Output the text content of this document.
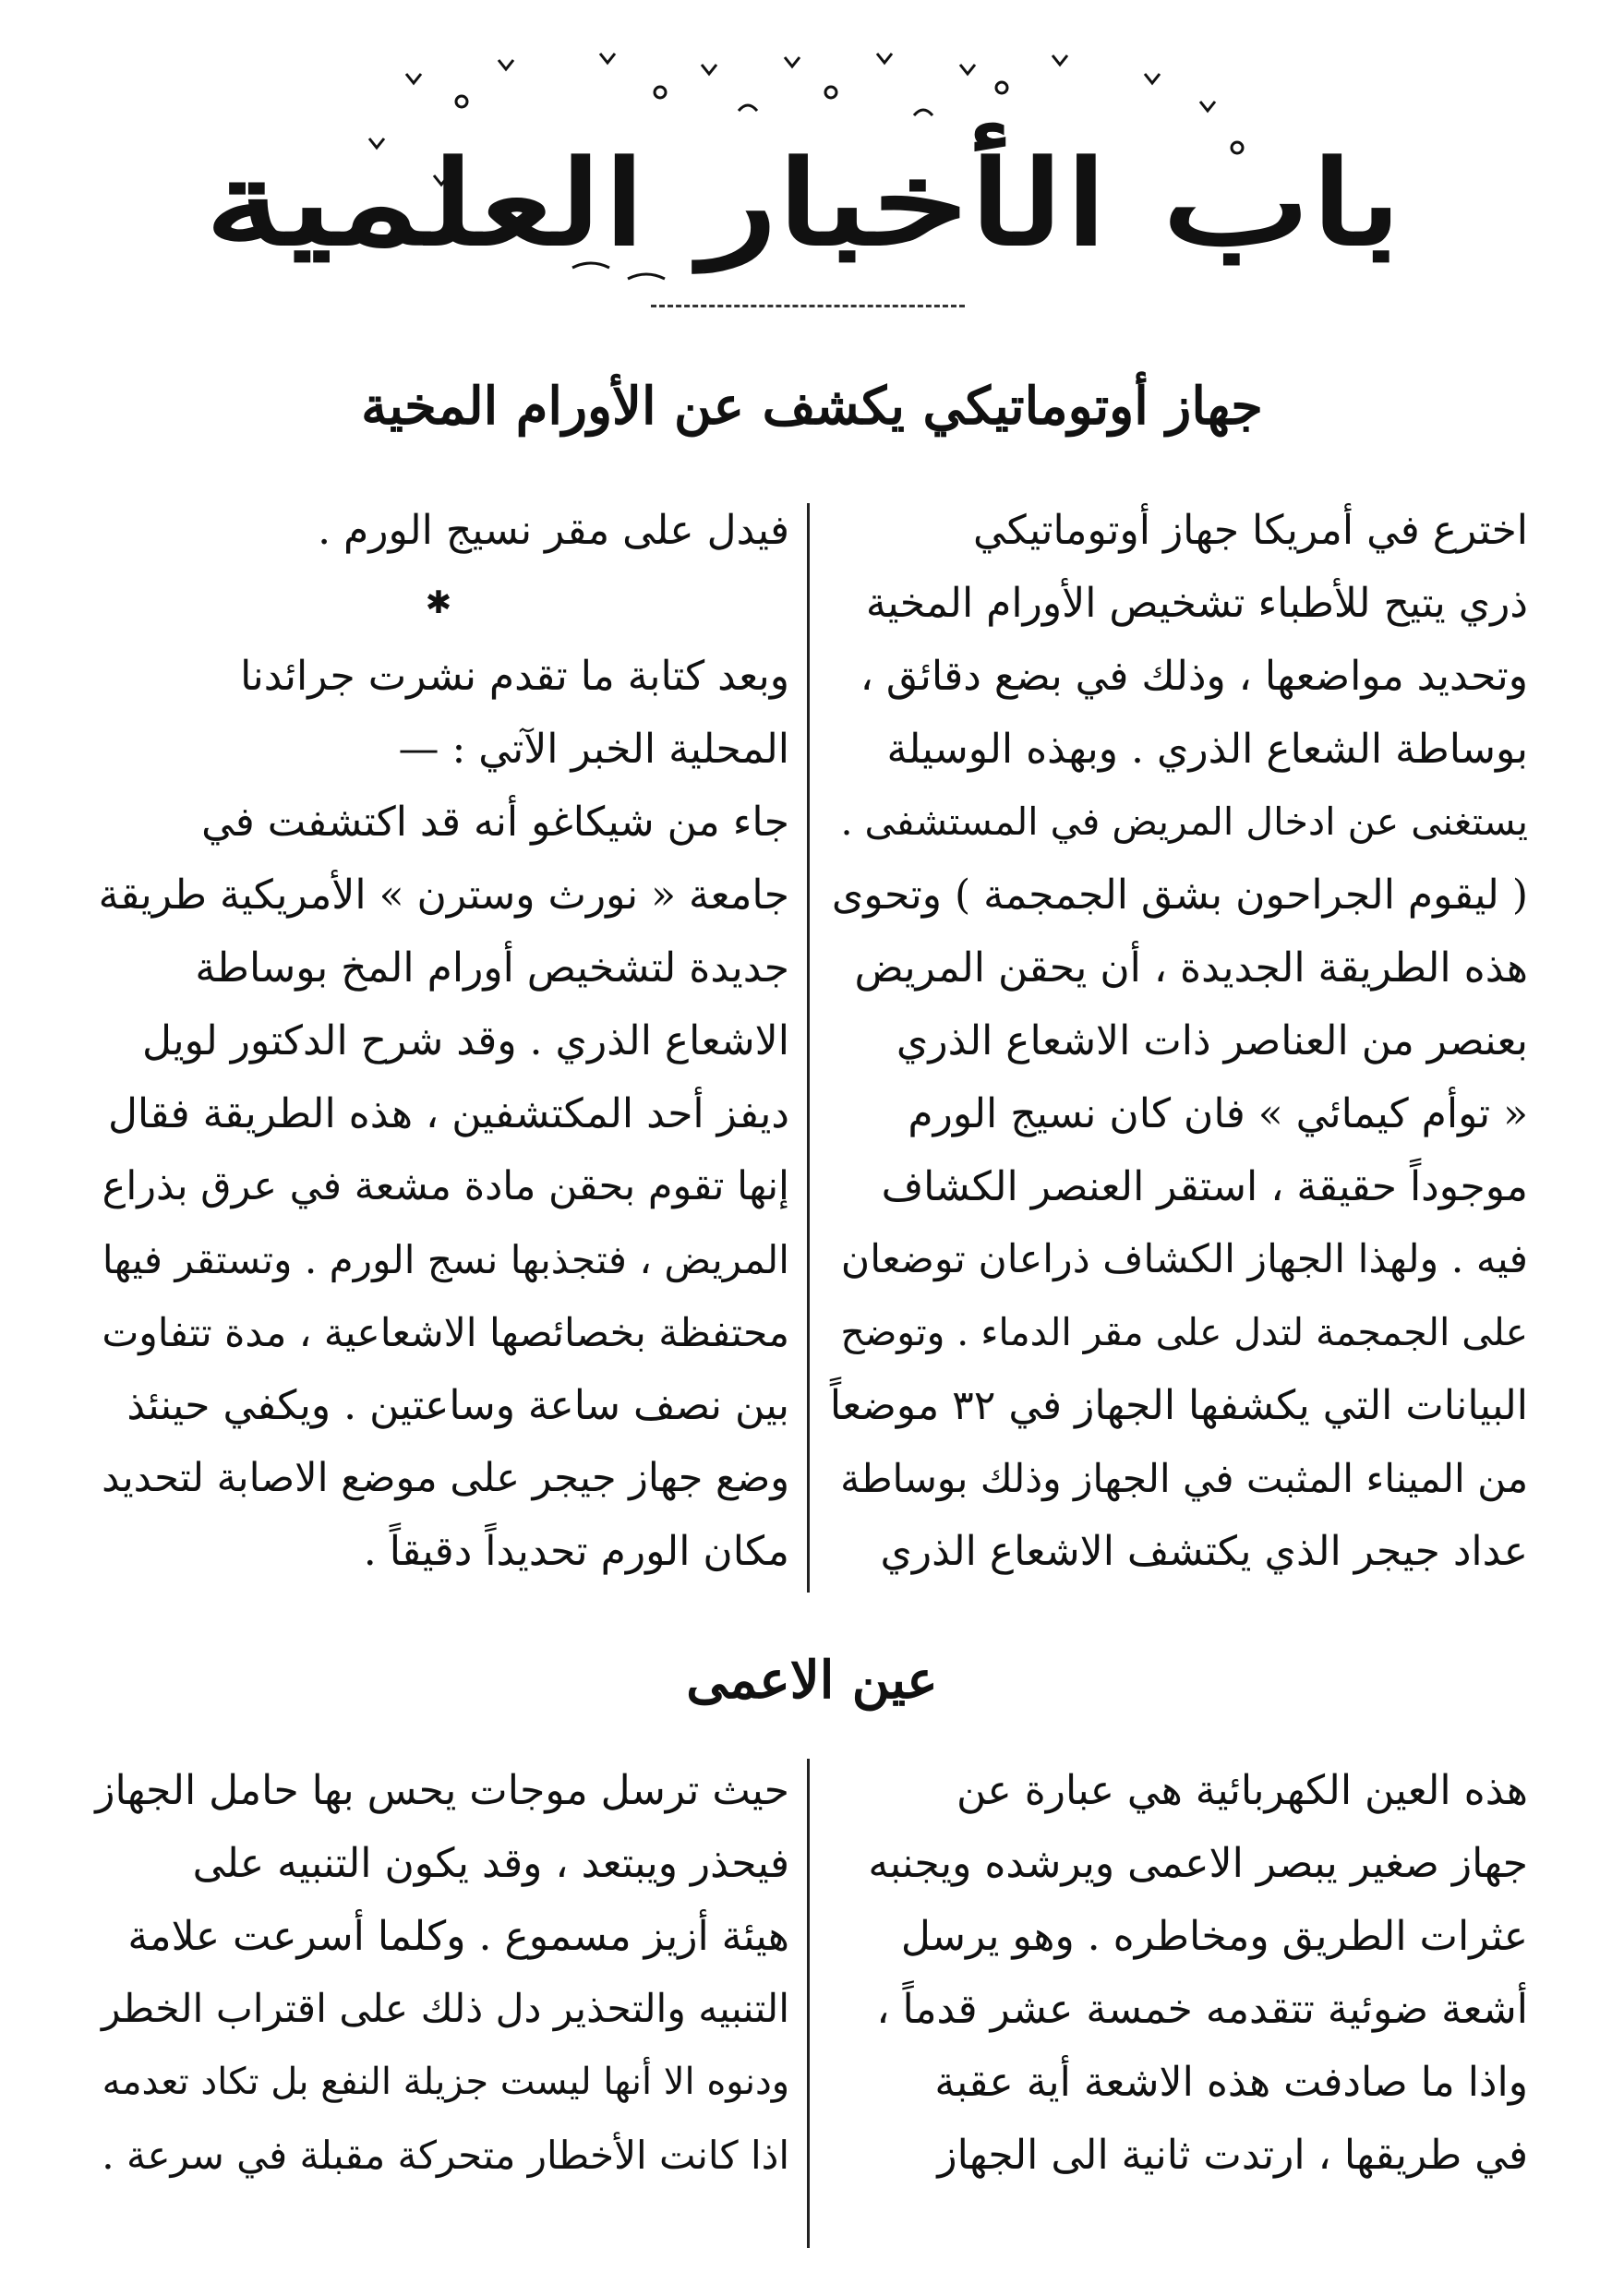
باب الأخبار العلمية
جهاز أوتوماتيكي يكشف عن الأورام المخية

اخترع في أمريكا جهاز أوتوماتيكي

ذري يتيح للأطباء تشخيص الأورام المخية

وتحديد مواضعها ، وذلك في بضع دقائق ،

بوساطة الشعاع الذري . وبهذه الوسيلة

يستغنى عن ادخال المريض في المستشفى .

( ليقوم الجراحون بشق الجمجمة ) وتحوى

هذه الطريقة الجديدة ، أن يحقن المريض

بعنصر من العناصر ذات الاشعاع الذري

« توأم كيمائي » فان كان نسيج الورم

موجوداً حقيقة ، استقر العنصر الكشاف

فيه . ولهذا الجهاز الكشاف ذراعان توضعان

على الجمجمة لتدل على مقر الدماء . وتوضح

البيانات التي يكشفها الجهاز في ٣٢ موضعاً

من الميناء المثبت في الجهاز وذلك بوساطة

عداد جيجر الذي يكتشف الاشعاع الذري

فيدل على مقر نسيج الورم .

✱

وبعد كتابة ما تقدم نشرت جرائدنا

المحلية الخبر الآتي : —

جاء من شيكاغو أنه قد اكتشفت في

جامعة « نورث وسترن » الأمريكية طريقة

جديدة لتشخيص أورام المخ بوساطة

الاشعاع الذري . وقد شرح الدكتور لويل

ديفز أحد المكتشفين ، هذه الطريقة فقال

إنها تقوم بحقن مادة مشعة في عرق بذراع

المريض ، فتجذبها نسج الورم . وتستقر فيها

محتفظة بخصائصها الاشعاعية ، مدة تتفاوت

بين نصف ساعة وساعتين . ويكفي حينئذ

وضع جهاز جيجر على موضع الاصابة لتحديد

مكان الورم تحديداً دقيقاً .

عين الاعمى

هذه العين الكهربائية هي عبارة عن

جهاز صغير يبصر الاعمى ويرشده ويجنبه

عثرات الطريق ومخاطره . وهو يرسل

أشعة ضوئية تتقدمه خمسة عشر قدماً ،

واذا ما صادفت هذه الاشعة أية عقبة

في طريقها ، ارتدت ثانية الى الجهاز

حيث ترسل موجات يحس بها حامل الجهاز

فيحذر ويبتعد ، وقد يكون التنبيه على

هيئة أزيز مسموع . وكلما أسرعت علامة

التنبيه والتحذير دل ذلك على اقتراب الخطر

ودنوه الا أنها ليست جزيلة النفع بل تكاد تعدمه

اذا كانت الأخطار متحركة مقبلة في سرعة .
